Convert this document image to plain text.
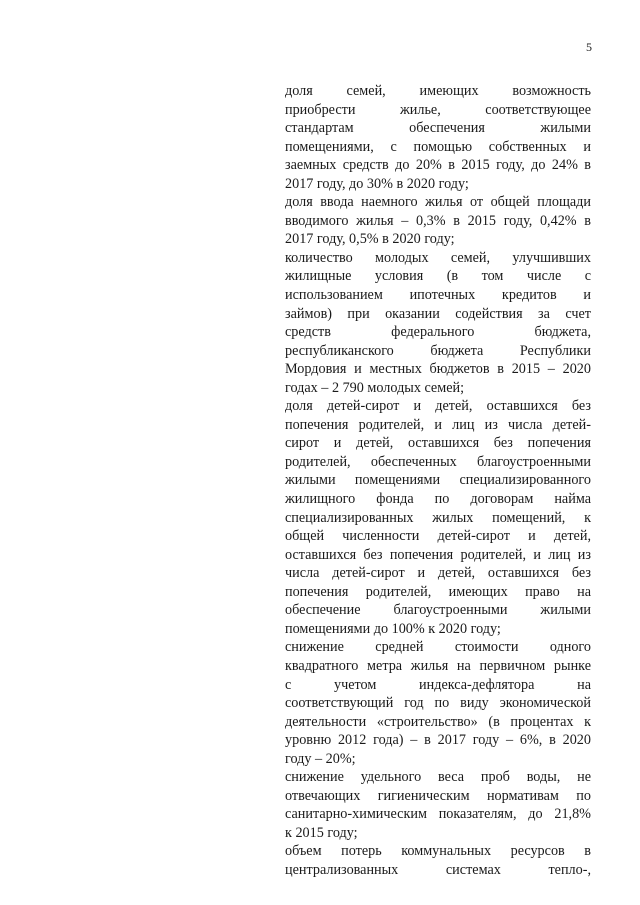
5
доля семей, имеющих возможность
приобрести жилье, соответствующее
стандартам обеспечения жилыми
помещениями, с помощью собственных и
заемных средств до 20% в 2015 году, до 24% в
2017 году, до 30% в 2020 году;
доля ввода наемного жилья от общей площади
вводимого жилья – 0,3% в 2015 году, 0,42% в
2017 году, 0,5% в 2020 году;
количество молодых семей, улучшивших
жилищные условия (в том числе с
использованием ипотечных кредитов и
займов) при оказании содействия за счет
средств федерального бюджета,
республиканского бюджета Республики
Мордовия и местных бюджетов в 2015 – 2020
годах – 2 790 молодых семей;
доля детей-сирот и детей, оставшихся без
попечения родителей, и лиц из числа детей-
сирот и детей, оставшихся без попечения
родителей, обеспеченных благоустроенными
жилыми помещениями специализированного
жилищного фонда по договорам найма
специализированных жилых помещений, к
общей численности детей-сирот и детей,
оставшихся без попечения родителей, и лиц из
числа детей-сирот и детей, оставшихся без
попечения родителей, имеющих право на
обеспечение благоустроенными жилыми
помещениями до 100% к 2020 году;
снижение средней стоимости одного
квадратного метра жилья на первичном рынке
с учетом индекса-дефлятора на
соответствующий год по виду экономической
деятельности «строительство» (в процентах к
уровню 2012 года) – в 2017 году – 6%, в 2020
году – 20%;
снижение удельного веса проб воды, не
отвечающих гигиеническим нормативам по
санитарно-химическим показателям, до 21,8%
к 2015 году;
объем потерь коммунальных ресурсов в
централизованных системах тепло-,
